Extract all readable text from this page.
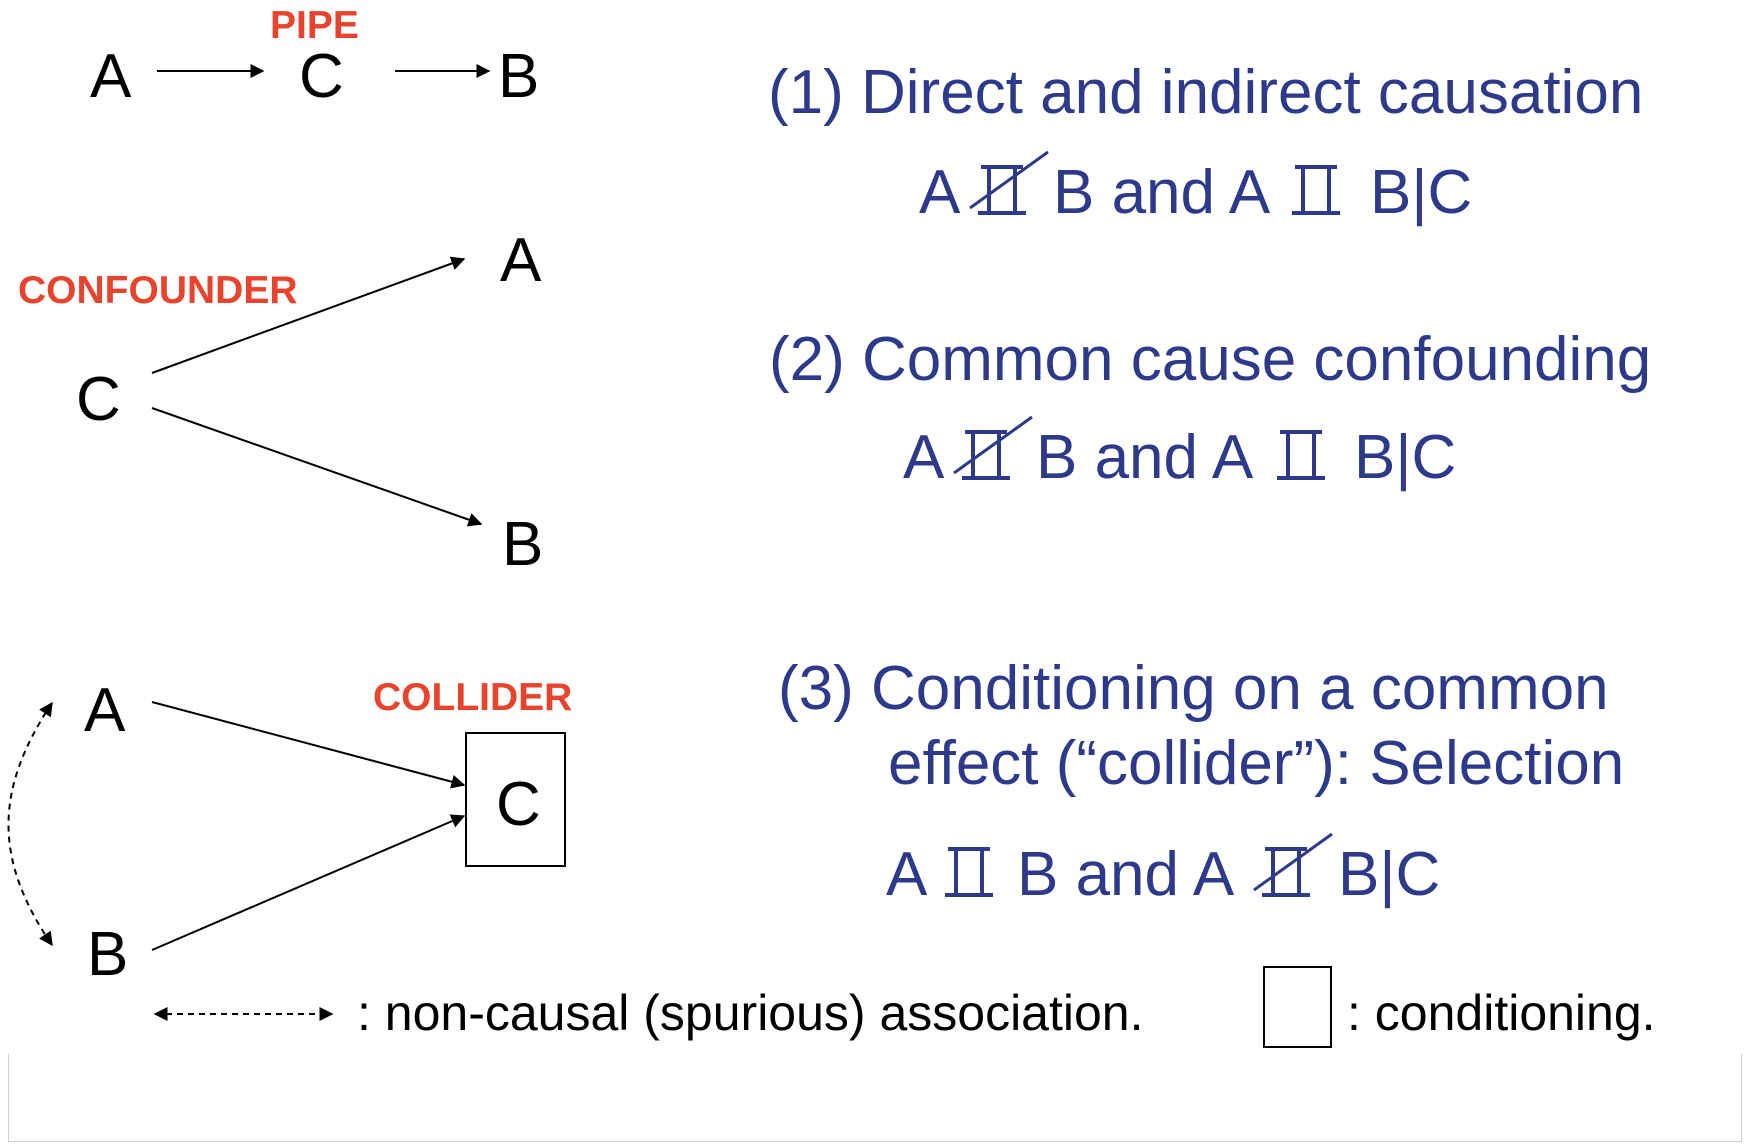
PIPE
A	C B
CONFOUNDER
C
A
B
COLLIDER
A
B
C
(1) Direct and indirect causation
A B and A B|C
(2) Common cause confounding
A B and A B|C
(3) Conditioning on a common
effect (“collider”): Selection
A B and A B|C
: non-causal (spurious) association.	: conditioning.
